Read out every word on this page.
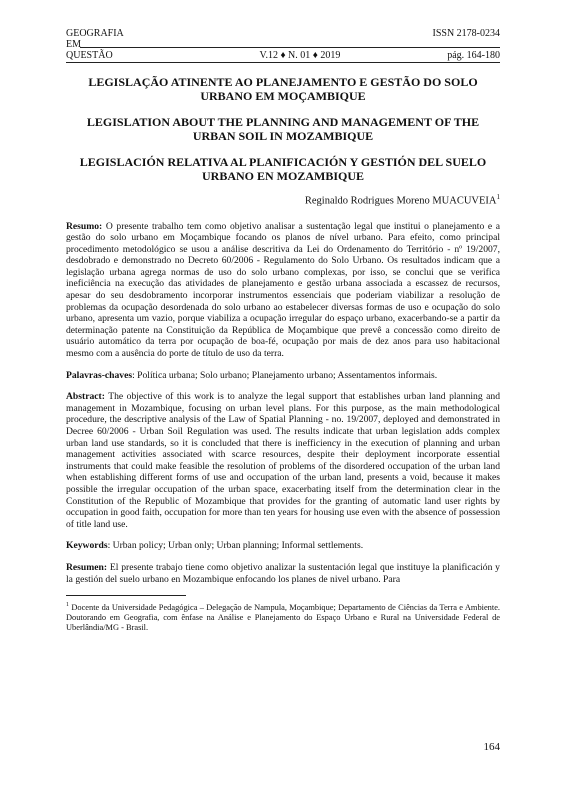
GEOGRAFIA	ISSN 2178-0234
EM
QUESTÃO	V.12 ♦ N. 01 ♦ 2019	pág. 164-180
LEGISLAÇÃO ATINENTE AO PLANEJAMENTO E GESTÃO DO SOLO URBANO EM MOÇAMBIQUE
LEGISLATION ABOUT THE PLANNING AND MANAGEMENT OF THE URBAN SOIL IN MOZAMBIQUE
LEGISLACIÓN RELATIVA AL PLANIFICACIÓN Y GESTIÓN DEL SUELO
URBANO EN MOZAMBIQUE
Reginaldo Rodrigues Moreno MUACUVEIA$^1$

Resumo: O presente trabalho tem como objetivo analisar a sustentação legal que institui o planejamento e a gestão do solo urbano em Moçambique focando os planos de nível urbano. Para efeito, como principal procedimento metodológico se usou a análise descritiva da Lei do Ordenamento do Território - nº 19/2007, desdobrado e demonstrado no Decreto 60/2006 - Regulamento do Solo Urbano. Os resultados indicam que a legislação urbana agrega normas de uso do solo urbano complexas, por isso, se conclui que se verifica ineficiência na execução das atividades de planejamento e gestão urbana associada a escassez de recursos, apesar do seu desdobramento incorporar instrumentos essenciais que poderiam viabilizar a resolução de problemas da ocupação desordenada do solo urbano ao estabelecer diversas formas de uso e ocupação do solo urbano, apresenta um vazio, porque viabiliza a ocupação irregular do espaço urbano, exacerbando-se a partir da determinação patente na Constituição da República de Moçambique que prevê a concessão como direito de usuário automático da terra por ocupação de boa-fé, ocupação por mais de dez anos para uso habitacional mesmo com a ausência do porte de título de uso da terra.

Palavras-chaves: Política urbana; Solo urbano; Planejamento urbano; Assentamentos informais.

Abstract: The objective of this work is to analyze the legal support that establishes urban land planning and management in Mozambique, focusing on urban level plans. For this purpose, as the main methodological procedure, the descriptive analysis of the Law of Spatial Planning - no. 19/2007, deployed and demonstrated in Decree 60/2006 - Urban Soil Regulation was used. The results indicate that urban legislation adds complex urban land use standards, so it is concluded that there is inefficiency in the execution of planning and urban management activities associated with scarce resources, despite their deployment incorporate essential instruments that could make feasible the resolution of problems of the disordered occupation of the urban land when establishing different forms of use and occupation of the urban land, presents a void, because it makes possible the irregular occupation of the urban space, exacerbating itself from the determination clear in the Constitution of the Republic of Mozambique that provides for the granting of automatic land user rights by occupation in good faith, occupation for more than ten years for housing use even with the absence of possession of title land use.

Keywords: Urban policy; Urban only; Urban planning; Informal settlements.

Resumen: El presente trabajo tiene como objetivo analizar la sustentación legal que instituye la planificación y la gestión del suelo urbano en Mozambique enfocando los planes de nivel urbano. Para

$^1$ Docente da Universidade Pedagógica – Delegação de Nampula, Moçambique; Departamento de Ciências da Terra e Ambiente. Doutorando em Geografia, com ênfase na Análise e Planejamento do Espaço Urbano e Rural na Universidade Federal de Uberlândia/MG - Brasil.

164
